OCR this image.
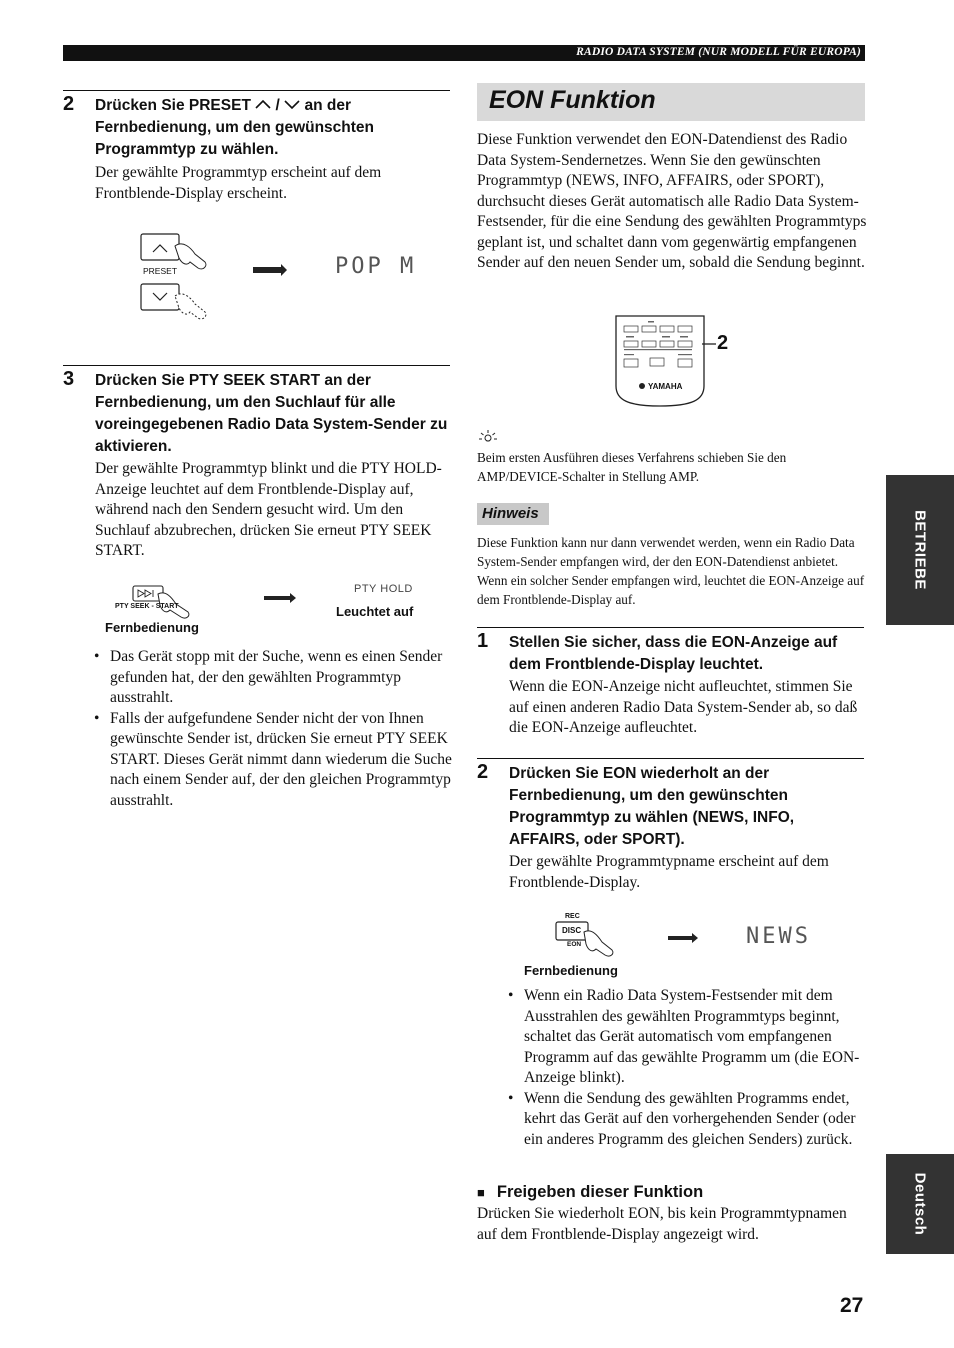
RADIO DATA SYSTEM (NUR MODELL FÜR EUROPA)
2 Drücken Sie PRESET  /  an der Fernbedienung, um den gewünschten Programmtyp zu wählen.
Der gewählte Programmtyp erscheint auf dem Frontblende-Display erscheint.
PRESET	POP M
3 Drücken Sie PTY SEEK START an der Fernbedienung, um den Suchlauf für alle voreingegebenen Radio Data System-Sender zu aktivieren.
Der gewählte Programmtyp blinkt und die PTY HOLD-Anzeige leuchtet auf dem Frontblende-Display auf, während nach den Sendern gesucht wird. Um den Suchlauf abzubrechen, drücken Sie erneut PTY SEEK START.
PTY SEEK - START
Fernbedienung
PTY HOLD
Leuchtet auf
• Das Gerät stopp mit der Suche, wenn es einen Sender gefunden hat, der den gewählten Programmtyp ausstrahlt.
• Falls der aufgefundene Sender nicht der von Ihnen gewünschte Sender ist, drücken Sie erneut PTY SEEK START. Dieses Gerät nimmt dann wiederum die Suche nach einem Sender auf, der den gleichen Programmtyp ausstrahlt.
EON Funktion
Diese Funktion verwendet den EON-Datendienst des Radio Data System-Sendernetzes. Wenn Sie den gewünschten Programmtyp (NEWS, INFO, AFFAIRS, oder SPORT), durchsucht dieses Gerät automatisch alle Radio Data System-Festsender, für die eine Sendung des gewählten Programmtyps geplant ist, und schaltet dann vom gegenwärtig empfangenen Sender auf den neuen Sender um, sobald die Sendung beginnt.
YAMAHA
2
Beim ersten Ausführen dieses Verfahrens schieben Sie den AMP/DEVICE-Schalter in Stellung AMP.
Hinweis
Diese Funktion kann nur dann verwendet werden, wenn ein Radio Data System-Sender empfangen wird, der den EON-Datendienst anbietet. Wenn ein solcher Sender empfangen wird, leuchtet die EON-Anzeige auf dem Frontblende-Display auf.
1 Stellen Sie sicher, dass die EON-Anzeige auf dem Frontblende-Display leuchtet.
Wenn die EON-Anzeige nicht aufleuchtet, stimmen Sie auf einen anderen Radio Data System-Sender ab, so daß die EON-Anzeige aufleuchtet.
2 Drücken Sie EON wiederholt an der Fernbedienung, um den gewünschten Programmtyp zu wählen (NEWS, INFO, AFFAIRS, oder SPORT).
Der gewählte Programmtypname erscheint auf dem Frontblende-Display.
REC
DISC
EON
Fernbedienung
NEWS
• Wenn ein Radio Data System-Festsender mit dem Ausstrahlen des gewählten Programmtyps beginnt, schaltet das Gerät automatisch vom empfangenen Programm auf das gewählte Programm um (die EON-Anzeige blinkt).
• Wenn die Sendung des gewählten Programms endet, kehrt das Gerät auf den vorhergehenden Sender (oder ein anderes Programm des gleichen Senders) zurück.
■ Freigeben dieser Funktion
Drücken Sie wiederholt EON, bis kein Programmtypnamen auf dem Frontblende-Display angezeigt wird.
BETRIEBE
Deutsch
27
